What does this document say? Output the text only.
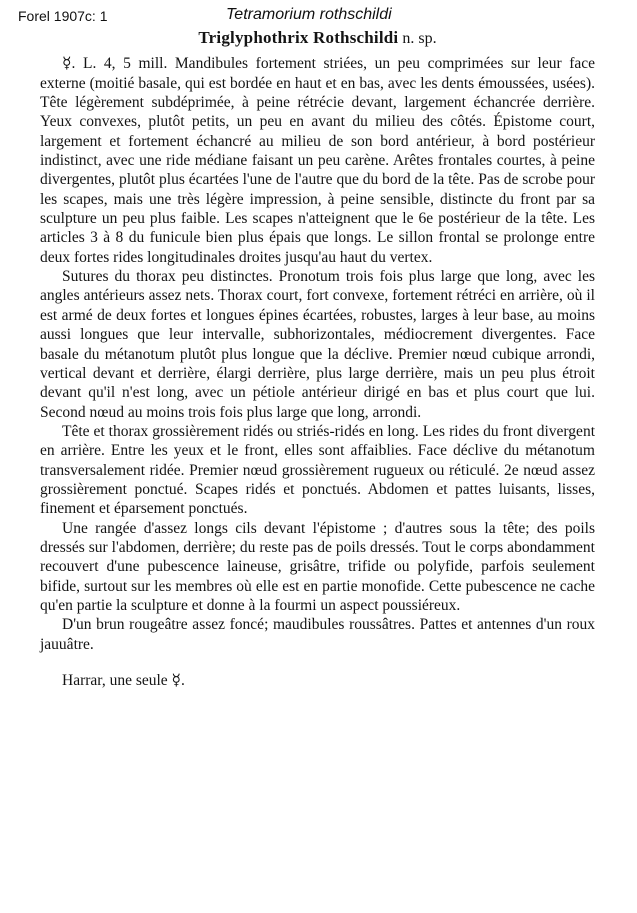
Forel 1907c: 1	Tetramorium rothschildi
Triglyphothrix Rothschildi n. sp.

☿. L. 4, 5 mill. Mandibules fortement striées, un peu comprimées sur leur face externe (moitié basale, qui est bordée en haut et en bas, avec les dents émoussées, usées). Tête légèrement subdéprimée, à peine rétrécie devant, largement échancrée derrière. Yeux convexes, plutôt petits, un peu en avant du milieu des côtés. Épistome court, largement et fortement échancré au milieu de son bord antérieur, à bord postérieur indistinct, avec une ride médiane faisant un peu carène. Arêtes frontales courtes, à peine divergentes, plutôt plus écartées l'une de l'autre que du bord de la tête. Pas de scrobe pour les scapes, mais une très légère impression, à peine sensible, distincte du front par sa sculpture un peu plus faible. Les scapes n'atteignent que le 6e postérieur de la tête. Les articles 3 à 8 du funicule bien plus épais que longs. Le sillon frontal se prolonge entre deux fortes rides longitudinales droites jusqu'au haut du vertex.

Sutures du thorax peu distinctes. Pronotum trois fois plus large que long, avec les angles antérieurs assez nets. Thorax court, fort convexe, fortement rétréci en arrière, où il est armé de deux fortes et longues épines écartées, robustes, larges à leur base, au moins aussi longues que leur intervalle, subhorizontales, médiocrement divergentes. Face basale du métanotum plutôt plus longue que la déclive. Premier nœud cubique arrondi, vertical devant et derrière, élargi derrière, plus large derrière, mais un peu plus étroit devant qu'il n'est long, avec un pétiole antérieur dirigé en bas et plus court que lui. Second nœud au moins trois fois plus large que long, arrondi.

Tête et thorax grossièrement ridés ou striés-ridés en long. Les rides du front divergent en arrière. Entre les yeux et le front, elles sont affaiblies. Face déclive du métanotum transversalement ridée. Premier nœud grossièrement rugueux ou réticulé. 2e nœud assez grossièrement ponctué. Scapes ridés et ponctués. Abdomen et pattes luisants, lisses, finement et éparsement ponctués.

Une rangée d'assez longs cils devant l'épistome ; d'autres sous la tête; des poils dressés sur l'abdomen, derrière; du reste pas de poils dressés. Tout le corps abondamment recouvert d'une pubescence laineuse, grisâtre, trifide ou polyfide, parfois seulement bifide, surtout sur les membres où elle est en partie monofide. Cette pubescence ne cache qu'en partie la sculpture et donne à la fourmi un aspect poussiéreux.

D'un brun rougeâtre assez foncé; maudibules roussâtres. Pattes et antennes d'un roux jauuâtre.

Harrar, une seule ☿.
